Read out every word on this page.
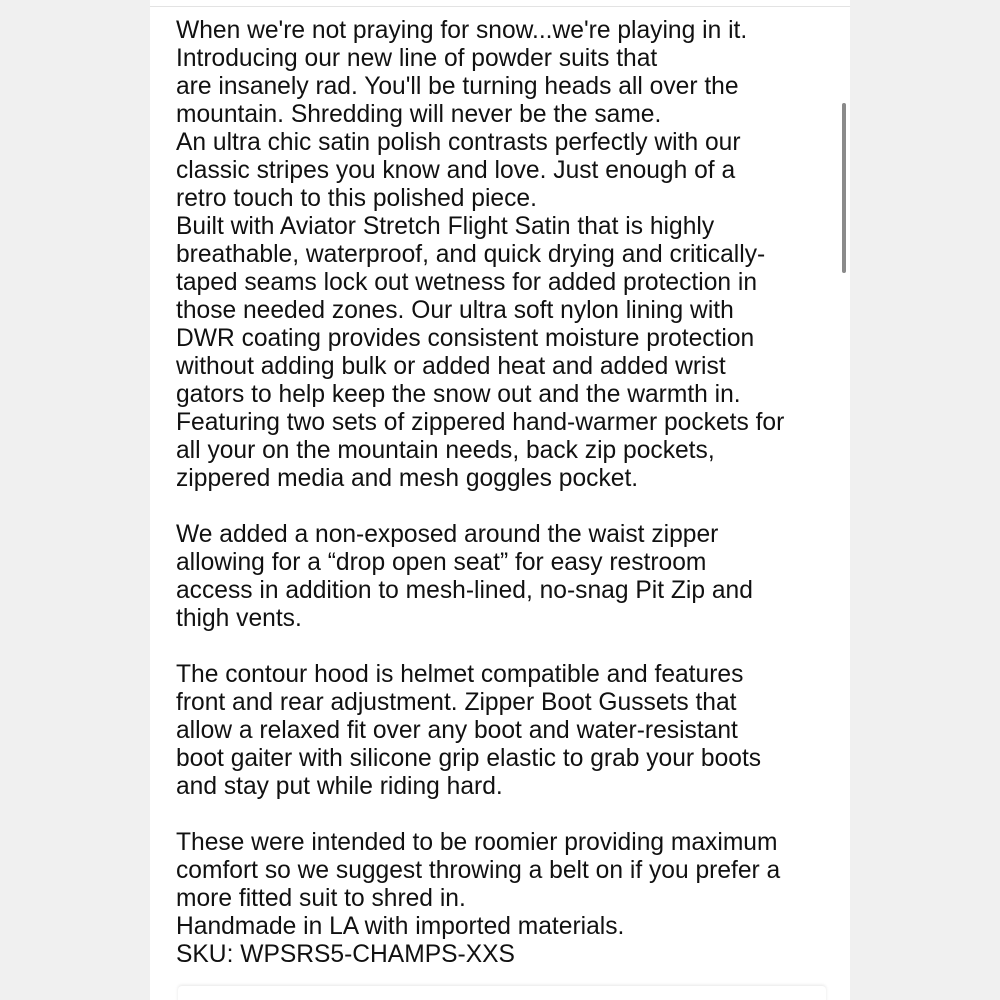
When we're not praying for snow...we're playing in it.
Introducing our new line of powder suits that
are insanely rad. You'll be turning heads all over the
mountain. Shredding will never be the same.
An ultra chic satin polish contrasts perfectly with our
classic stripes you know and love. Just enough of a
retro touch to this polished piece.
Built with Aviator Stretch Flight Satin that is highly
breathable, waterproof, and quick drying and critically-
taped seams lock out wetness for added protection in
those needed zones. Our ultra soft nylon lining with
DWR coating provides consistent moisture protection
without adding bulk or added heat and added wrist
gators to help keep the snow out and the warmth in.
Featuring two sets of zippered hand-warmer pockets for
all your on the mountain needs, back zip pockets,
zippered media and mesh goggles pocket.
We added a non-exposed around the waist zipper
allowing for a “drop open seat” for easy restroom
access in addition to mesh-lined, no-snag Pit Zip and
thigh vents.
The contour hood is helmet compatible and features
front and rear adjustment. Zipper Boot Gussets that
allow a relaxed fit over any boot and water-resistant
boot gaiter with silicone grip elastic to grab your boots
and stay put while riding hard.
These were intended to be roomier providing maximum
comfort so we suggest throwing a belt on if you prefer a
more fitted suit to shred in.
Handmade in LA with imported materials.
SKU: WPSRS5-CHAMPS-XXS
